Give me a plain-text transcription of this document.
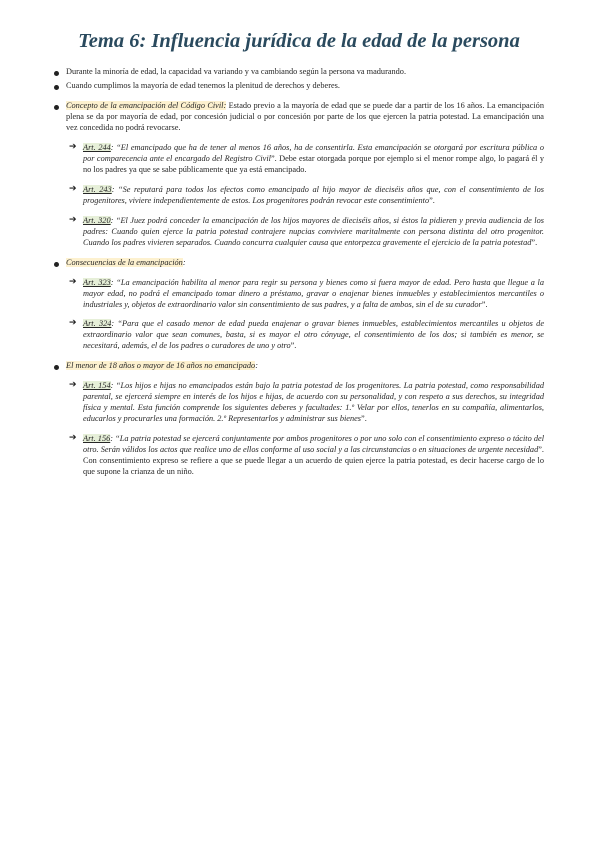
Tema 6: Influencia jurídica de la edad de la persona

Durante la minoría de edad, la capacidad va variando y va cambiando según la persona va madurando.

Cuando cumplimos la mayoría de edad tenemos la plenitud de derechos y deberes.

Concepto de la emancipación del Código Civil: Estado previo a la mayoría de edad que se puede dar a partir de los 16 años. La emancipación plena se da por mayoría de edad, por concesión judicial o por concesión por parte de los que ejercen la patria potestad. La emancipación una vez concedida no podrá revocarse.

➔ Art. 244: “El emancipado que ha de tener al menos 16 años, ha de consentirla. Esta emancipación se otorgará por escritura pública o por comparecencia ante el encargado del Registro Civil”. Debe estar otorgada porque por ejemplo si el menor rompe algo, lo pagará él y no los padres ya que se sabe públicamente que ya está emancipado.

➔ Art. 243: “Se reputará para todos los efectos como emancipado al hijo mayor de dieciséis años que, con el consentimiento de los progenitores, viviere independientemente de estos. Los progenitores podrán revocar este consentimiento”.

➔ Art. 320: “El Juez podrá conceder la emancipación de los hijos mayores de dieciséis años, si éstos la pidieren y previa audiencia de los padres: Cuando quien ejerce la patria potestad contrajere nupcias conviviere maritalmente con persona distinta del otro progenitor. Cuando los padres vivieren separados. Cuando concurra cualquier causa que entorpezca gravemente el ejercicio de la patria potestad”.

Consecuencias de la emancipación:

➔ Art. 323: “La emancipación habilita al menor para regir su persona y bienes como si fuera mayor de edad. Pero hasta que llegue a la mayor edad, no podrá el emancipado tomar dinero a préstamo, gravar o enajenar bienes inmuebles y establecimientos mercantiles o industriales y, objetos de extraordinario valor sin consentimiento de sus padres, y a falta de ambos, sin el de su curador”.

➔ Art. 324: “Para que el casado menor de edad pueda enajenar o gravar bienes inmuebles, establecimientos mercantiles u objetos de extraordinario valor que sean comunes, basta, si es mayor el otro cónyuge, el consentimiento de los dos; si también es menor, se necesitará, además, el de los padres o curadores de uno y otro”.

El menor de 18 años o mayor de 16 años no emancipado:

➔ Art. 154: “Los hijos e hijas no emancipados están bajo la patria potestad de los progenitores. La patria potestad, como responsabilidad parental, se ejercerá siempre en interés de los hijos e hijas, de acuerdo con su personalidad, y con respeto a sus derechos, su integridad física y mental. Esta función comprende los siguientes deberes y facultades: 1.º Velar por ellos, tenerlos en su compañía, alimentarlos, educarlos y procurarles una formación. 2.º Representarlos y administrar sus bienes”.

➔ Art. 156: “La patria potestad se ejercerá conjuntamente por ambos progenitores o por uno solo con el consentimiento expreso o tácito del otro. Serán válidos los actos que realice uno de ellos conforme al uso social y a las circunstancias o en situaciones de urgente necesidad”. Con consentimiento expreso se refiere a que se puede llegar a un acuerdo de quien ejerce la patria potestad, es decir hacerse cargo de lo que supone la crianza de un niño.
